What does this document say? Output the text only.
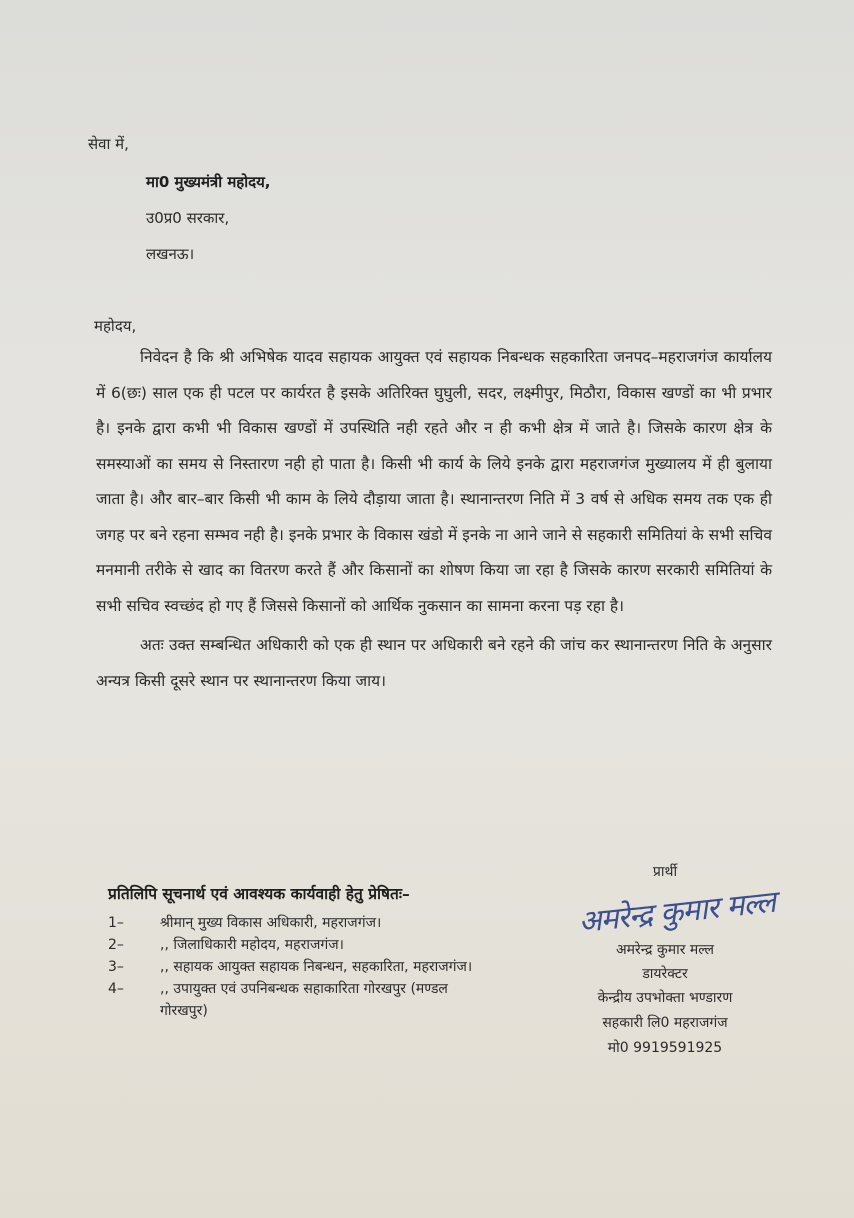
सेवा में,
मा0 मुख्यमंत्री महोदय,
उ0प्र0 सरकार,
लखनऊ।
महोदय,

निवेदन है कि श्री अभिषेक यादव सहायक आयुक्त एवं सहायक निबन्धक सहकारिता जनपद–महराजगंज कार्यालय में 6(छः) साल एक ही पटल पर कार्यरत है इसके अतिरिक्त घुघुली, सदर, लक्ष्मीपुर, मिठौरा, विकास खण्डों का भी प्रभार है। इनके द्वारा कभी भी विकास खण्डों में उपस्थिति नही रहते और न ही कभी क्षेत्र में जाते है। जिसके कारण क्षेत्र के समस्याओं का समय से निस्तारण नही हो पाता है। किसी भी कार्य के लिये इनके द्वारा महराजगंज मुख्यालय में ही बुलाया जाता है। और बार–बार किसी भी काम के लिये दौड़ाया जाता है। स्थानान्तरण निति में 3 वर्ष से अधिक समय तक एक ही जगह पर बने रहना सम्भव नही है। इनके प्रभार के विकास खंडो में इनके ना आने जाने से सहकारी समितियां के सभी सचिव मनमानी तरीके से खाद का वितरण करते हैं और किसानों का शोषण किया जा रहा है जिसके कारण सरकारी समितियां के सभी सचिव स्वच्छंद हो गए हैं जिससे किसानों को आर्थिक नुकसान का सामना करना पड़ रहा है।

अतः उक्त सम्बन्धित अधिकारी को एक ही स्थान पर अधिकारी बने रहने की जांच कर स्थानान्तरण निति के अनुसार अन्यत्र किसी दूसरे स्थान पर स्थानान्तरण किया जाय।

प्रतिलिपि सूचनार्थ एवं आवश्यक कार्यवाही हेतु प्रेषितः–
1–	श्रीमान् मुख्य विकास अधिकारी, महराजगंज।
2–	,, जिलाधिकारी महोदय, महराजगंज।
3–	,, सहायक आयुक्त सहायक निबन्धन, सहकारिता, महराजगंज।
4–	,, उपायुक्त एवं उपनिबन्धक सहाकारिता गोरखपुर (मण्डल गोरखपुर)
प्रार्थी
अमरेन्द्र कुमार मल्ल
अमरेन्द्र कुमार मल्ल
डायरेक्टर
केन्द्रीय उपभोक्ता भण्डारण
सहकारी लि0 महराजगंज
मो0 9919591925
